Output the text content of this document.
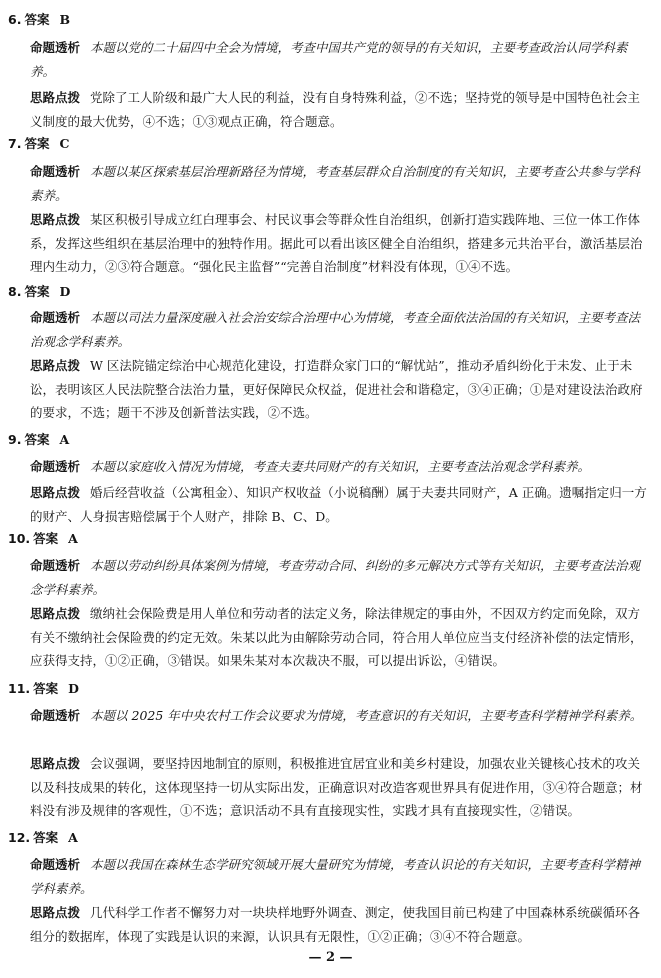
6. 答案 B
命题透析 本题以党的二十届四中全会为情境，考查中国共产党的领导的有关知识，主要考查政治认同学科素养。
思路点拨 党除了工人阶级和最广大人民的利益，没有自身特殊利益，②不选；坚持党的领导是中国特色社会主义制度的最大优势，④不选；①③观点正确，符合题意。
7. 答案 C
命题透析 本题以某区探索基层治理新路径为情境，考查基层群众自治制度的有关知识，主要考查公共参与学科素养。
思路点拨 某区积极引导成立红白理事会、村民议事会等群众性自治组织，创新打造实践阵地、三位一体工作体系，发挥这些组织在基层治理中的独特作用。据此可以看出该区健全自治组织，搭建多元共治平台，激活基层治理内生动力，②③符合题意。“强化民主监督”“完善自治制度”材料没有体现，①④不选。
8. 答案 D
命题透析 本题以司法力量深度融入社会治安综合治理中心为情境，考查全面依法治国的有关知识，主要考查法治观念学科素养。
思路点拨 W 区法院锚定综治中心规范化建设，打造群众家门口的“解忧站”，推动矛盾纠纷化于未发、止于未讼，表明该区人民法院整合法治力量，更好保障民众权益，促进社会和谐稳定，③④正确；①是对建设法治政府的要求，不选；题干不涉及创新普法实践，②不选。
9. 答案 A
命题透析 本题以家庭收入情况为情境，考查夫妻共同财产的有关知识，主要考查法治观念学科素养。
思路点拨 婚后经营收益（公寓租金）、知识产权收益（小说稿酬）属于夫妻共同财产，A 正确。遗嘱指定归一方的财产、人身损害赔偿属于个人财产，排除 B、C、D。
10. 答案 A
命题透析 本题以劳动纠纷具体案例为情境，考查劳动合同、纠纷的多元解决方式等有关知识，主要考查法治观念学科素养。
思路点拨 缴纳社会保险费是用人单位和劳动者的法定义务，除法律规定的事由外，不因双方约定而免除，双方有关不缴纳社会保险费的约定无效。朱某以此为由解除劳动合同，符合用人单位应当支付经济补偿的法定情形，应获得支持，①②正确，③错误。如果朱某对本次裁决不服，可以提出诉讼，④错误。
11. 答案 D
命题透析 本题以 2025 年中央农村工作会议要求为情境，考查意识的有关知识，主要考查科学精神学科素养。
思路点拨 会议强调，要坚持因地制宜的原则，积极推进宜居宜业和美乡村建设，加强农业关键核心技术的攻关以及科技成果的转化，这体现坚持一切从实际出发，正确意识对改造客观世界具有促进作用，③④符合题意；材料没有涉及规律的客观性，①不选；意识活动不具有直接现实性，实践才具有直接现实性，②错误。
12. 答案 A
命题透析 本题以我国在森林生态学研究领域开展大量研究为情境，考查认识论的有关知识，主要考查科学精神学科素养。
思路点拨 几代科学工作者不懈努力对一块块样地野外调查、测定，使我国目前已构建了中国森林系统碳循环各组分的数据库，体现了实践是认识的来源，认识具有无限性，①②正确；③④不符合题意。
— 2 —
